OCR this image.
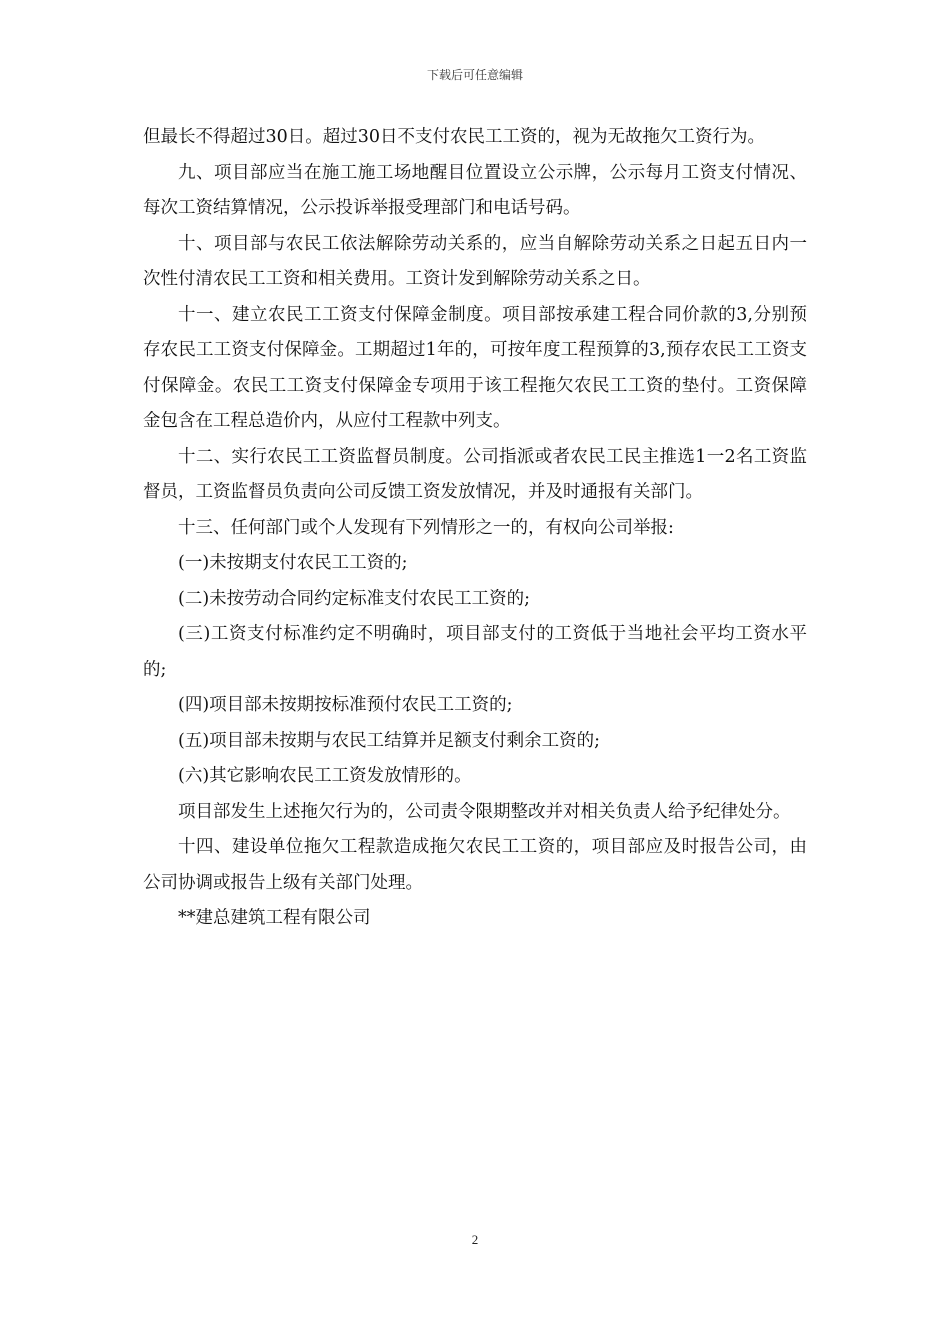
下载后可任意编辑

但最长不得超过30日。超过30日不支付农民工工资的，视为无故拖欠工资行为。

九、项目部应当在施工施工场地醒目位置设立公示牌，公示每月工资支付情况、每次工资结算情况，公示投诉举报受理部门和电话号码。

十、项目部与农民工依法解除劳动关系的，应当自解除劳动关系之日起五日内一次性付清农民工工资和相关费用。工资计发到解除劳动关系之日。

十一、建立农民工工资支付保障金制度。项目部按承建工程合同价款的3,分别预存农民工工资支付保障金。工期超过1年的，可按年度工程预算的3,预存农民工工资支付保障金。农民工工资支付保障金专项用于该工程拖欠农民工工资的垫付。工资保障金包含在工程总造价内，从应付工程款中列支。

十二、实行农民工工资监督员制度。公司指派或者农民工民主推选1一2名工资监督员，工资监督员负责向公司反馈工资发放情况，并及时通报有关部门。

十三、任何部门或个人发现有下列情形之一的，有权向公司举报:

(一)未按期支付农民工工资的;

(二)未按劳动合同约定标准支付农民工工资的;

(三)工资支付标准约定不明确时，项目部支付的工资低于当地社会平均工资水平的;

(四)项目部未按期按标准预付农民工工资的;

(五)项目部未按期与农民工结算并足额支付剩余工资的;

(六)其它影响农民工工资发放情形的。

项目部发生上述拖欠行为的，公司责令限期整改并对相关负责人给予纪律处分。

十四、建设单位拖欠工程款造成拖欠农民工工资的，项目部应及时报告公司，由公司协调或报告上级有关部门处理。

**建总建筑工程有限公司

2
